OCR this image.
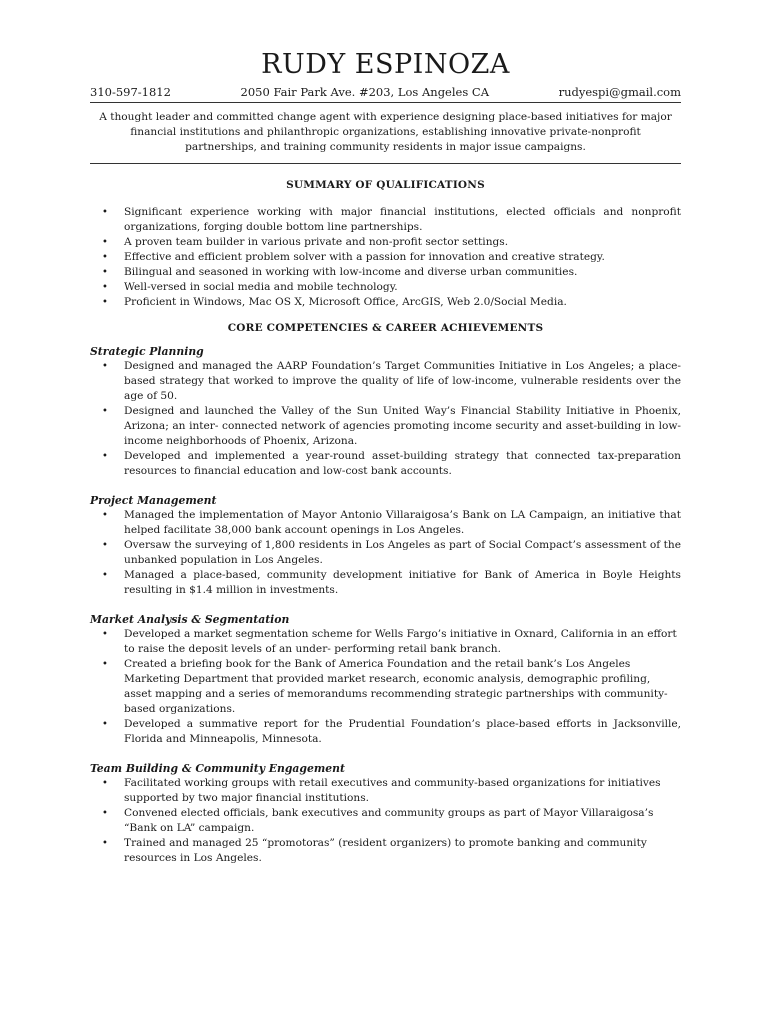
RUDY ESPINOZA
310-597-1812	2050 Fair Park Ave. #203, Los Angeles CA	rudyespi@gmail.com
A thought leader and committed change agent with experience designing place-based initiatives for major financial institutions and philanthropic organizations, establishing innovative private-nonprofit partnerships, and training community residents in major issue campaigns.
SUMMARY OF QUALIFICATIONS
• Significant experience working with major financial institutions, elected officials and nonprofit organizations, forging double bottom line partnerships.
• A proven team builder in various private and non-profit sector settings.
• Effective and efficient problem solver with a passion for innovation and creative strategy.
• Bilingual and seasoned in working with low-income and diverse urban communities.
• Well-versed in social media and mobile technology.
• Proficient in Windows, Mac OS X, Microsoft Office, ArcGIS, Web 2.0/Social Media.
CORE COMPETENCIES & CAREER ACHIEVEMENTS
Strategic Planning
• Designed and managed the AARP Foundation’s Target Communities Initiative in Los Angeles; a place-based strategy that worked to improve the quality of life of low-income, vulnerable residents over the age of 50.
• Designed and launched the Valley of the Sun United Way’s Financial Stability Initiative in Phoenix, Arizona; an inter- connected network of agencies promoting income security and asset-building in low-income neighborhoods of Phoenix, Arizona.
• Developed and implemented a year-round asset-building strategy that connected tax-preparation resources to financial education and low-cost bank accounts.
Project Management
• Managed the implementation of Mayor Antonio Villaraigosa’s Bank on LA Campaign, an initiative that helped facilitate 38,000 bank account openings in Los Angeles.
• Oversaw the surveying of 1,800 residents in Los Angeles as part of Social Compact’s assessment of the unbanked population in Los Angeles.
• Managed a place-based, community development initiative for Bank of America in Boyle Heights resulting in $1.4 million in investments.
Market Analysis & Segmentation
• Developed a market segmentation scheme for Wells Fargo’s initiative in Oxnard, California in an effort to raise the deposit levels of an under- performing retail bank branch.
• Created a briefing book for the Bank of America Foundation and the retail bank’s Los Angeles Marketing Department that provided market research, economic analysis, demographic profiling, asset mapping and a series of memorandums recommending strategic partnerships with community-based organizations.
• Developed a summative report for the Prudential Foundation’s place-based efforts in Jacksonville, Florida and Minneapolis, Minnesota.
Team Building & Community Engagement
• Facilitated working groups with retail executives and community-based organizations for initiatives supported by two major financial institutions.
• Convened elected officials, bank executives and community groups as part of Mayor Villaraigosa’s “Bank on LA” campaign.
• Trained and managed 25 “promotoras” (resident organizers) to promote banking and community resources in Los Angeles.
